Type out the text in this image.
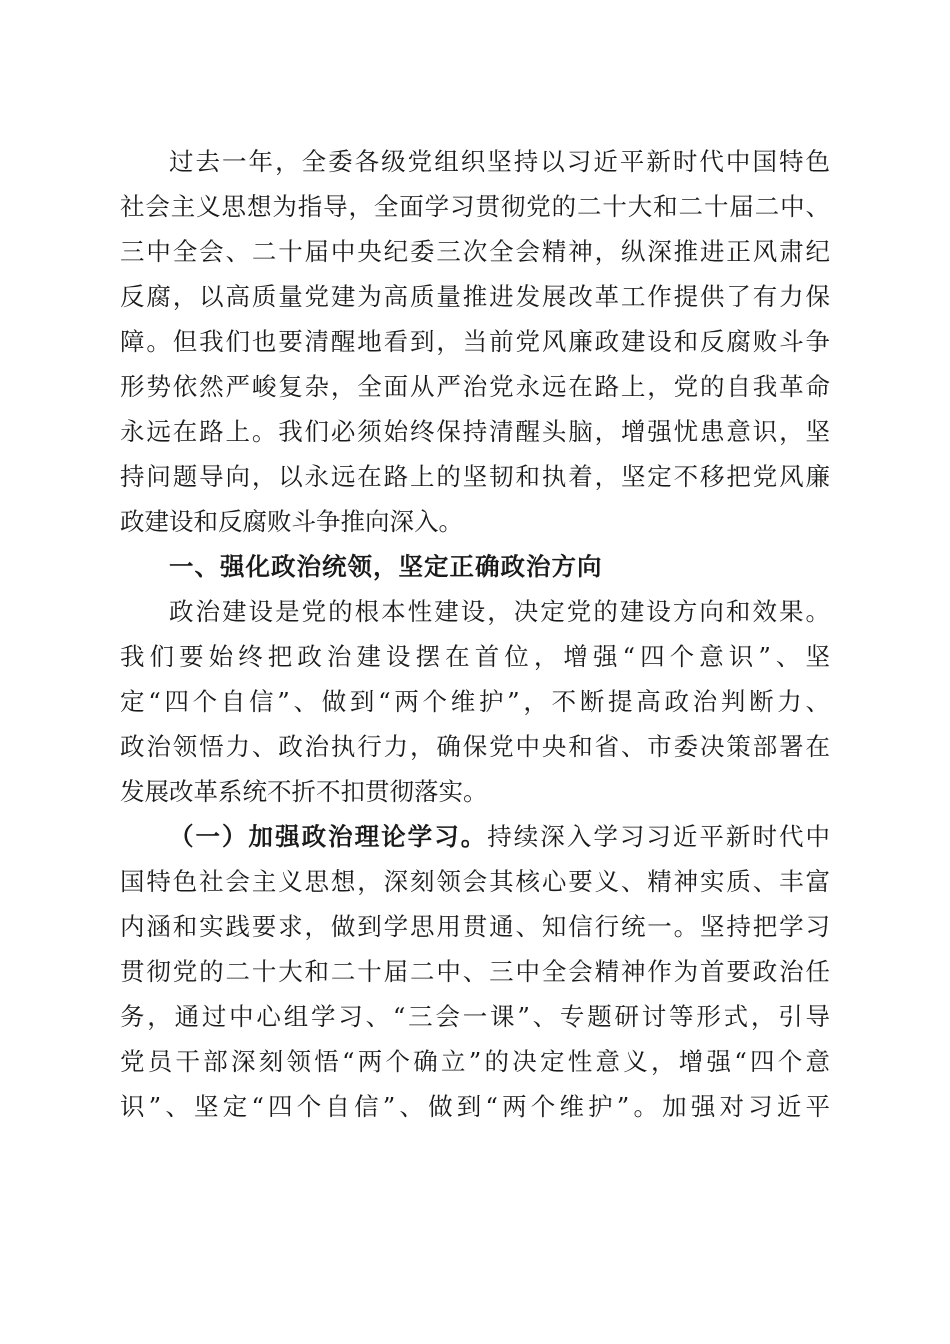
过去一年，全委各级党组织坚持以习近平新时代中国特色
社会主义思想为指导，全面学习贯彻党的二十大和二十届二中、
三中全会、二十届中央纪委三次全会精神，纵深推进正风肃纪
反腐，以高质量党建为高质量推进发展改革工作提供了有力保
障。但我们也要清醒地看到，当前党风廉政建设和反腐败斗争
形势依然严峻复杂，全面从严治党永远在路上，党的自我革命
永远在路上。我们必须始终保持清醒头脑，增强忧患意识，坚
持问题导向，以永远在路上的坚韧和执着，坚定不移把党风廉
政建设和反腐败斗争推向深入。
一、强化政治统领，坚定正确政治方向
政治建设是党的根本性建设，决定党的建设方向和效果。
我们要始终把政治建设摆在首位，增强“四个意识”、坚
定“四个自信”、做到“两个维护”，不断提高政治判断力、
政治领悟力、政治执行力，确保党中央和省、市委决策部署在
发展改革系统不折不扣贯彻落实。
（一）加强政治理论学习。持续深入学习习近平新时代中
国特色社会主义思想，深刻领会其核心要义、精神实质、丰富
内涵和实践要求，做到学思用贯通、知信行统一。坚持把学习
贯彻党的二十大和二十届二中、三中全会精神作为首要政治任
务，通过中心组学习、“三会一课”、专题研讨等形式，引导
党员干部深刻领悟“两个确立”的决定性意义，增强“四个意
识”、坚定“四个自信”、做到“两个维护”。加强对习近平
